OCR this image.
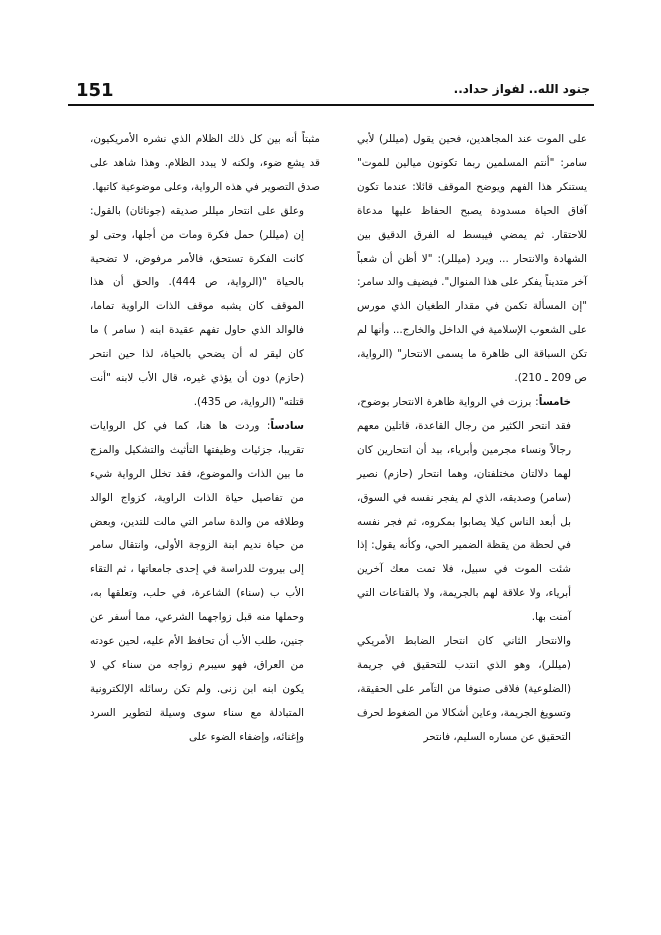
151	جنود الله.. لفواز حداد..

على الموت عند المجاهدين، فحين يقول (ميللر) لأبي سامر: "أنتم المسلمين ربما تكونون ميالين للموت" يستنكر هذا الفهم ويوضح الموقف قائلا: عندما تكون آفاق الحياة مسدودة يصبح الحفاظ عليها مدعاة للاحتقار. ثم يمضي فيبسط له الفرق الدقيق بين الشهادة والانتحار ... ويرد (ميللر): "لا أظن أن شعباً آخر متديناً يفكر على هذا المنوال". فيضيف والد سامر: "إن المسألة تكمن في مقدار الطغيان الذي مورس على الشعوب الإسلامية في الداخل والخارج... وأنها لم تكن السباقة الى ظاهرة ما يسمى الانتحار" (الرواية، ص 209 ـ 210).

خامساً: برزت في الرواية ظاهرة الانتحار بوضوح، فقد انتحر الكثير من رجال القاعدة، قاتلين معهم رجالاً ونساء مجرمين وأبرياء، بيد أن انتحارين كان لهما دلالتان مختلفتان، وهما انتحار (حازم) نصير (سامر) وصديقه، الذي لم يفجر نفسه في السوق، بل أبعد الناس كيلا يصابوا بمكروه، ثم فجر نفسه في لحظة من يقظة الضمير الحي، وكأنه يقول: إذا شئت الموت في سبيل، فلا تمت معك آخرين أبرياء، ولا علاقة لهم بالجريمة، ولا بالقناعات التي آمنت بها.

والانتحار الثاني كان انتحار الضابط الأمريكي (ميللر)، وهو الذي انتدب للتحقيق في جريمة (الضلوعية) فلاقى صنوفا من التآمر على الحقيقة، وتسويغ الجريمة، وعاين أشكالا من الضغوط لحرف التحقيق عن مساره السليم، فانتحر

مثبتاً أنه بين كل ذلك الظلام الذي نشره الأمريكيون، قد يشع ضوء، ولكنه لا يبدد الظلام. وهذا شاهد على صدق التصوير في هذه الرواية، وعلى موضوعية كاتبها.

وعلق على انتحار ميللر صديقه (جوناثان) بالقول: إن (ميللر) حمل فكرة ومات من أجلها، وحتى لو كانت الفكرة تستحق، فالأمر مرفوض، لا تضحية بالحياة "(الرواية، ص 444). والحق أن هذا الموقف كان يشبه موقف الذات الراوية تماما، فالوالد الذي حاول تفهم عقيدة ابنه ( سامر ) ما كان ليقر له أن يضحي بالحياة، لذا حين انتحر (حازم) دون أن يؤذي غيره، قال الأب لابنه "أنت قتلته" (الرواية، ص 435).

سادساً: وردت ها هنا، كما في كل الروايات تقريبا، جزئيات وظيفتها التأثيث والتشكيل والمزج ما بين الذات والموضوع، فقد تخلل الرواية شيء من تفاصيل حياة الذات الراوية، كزواج الوالد وطلاقه من والدة سامر التي مالت للتدين، وبعض من حياة نديم ابنة الزوجة الأولى، وانتقال سامر إلى بيروت للدراسة في إحدى جامعاتها ، ثم التقاء الأب ب (سناء) الشاعرة، في حلب، وتعلقها به، وحملها منه قبل زواجهما الشرعي، مما أسفر عن جنين، طلب الأب أن تحافظ الأم عليه، لحين عودته من العراق، فهو سيبرم زواجه من سناء كي لا يكون ابنه ابن زنى. ولم تكن رسائله الإلكترونية المتبادلة مع سناء سوى وسيلة لتطوير السرد وإغنائه، وإضفاء الضوء على
